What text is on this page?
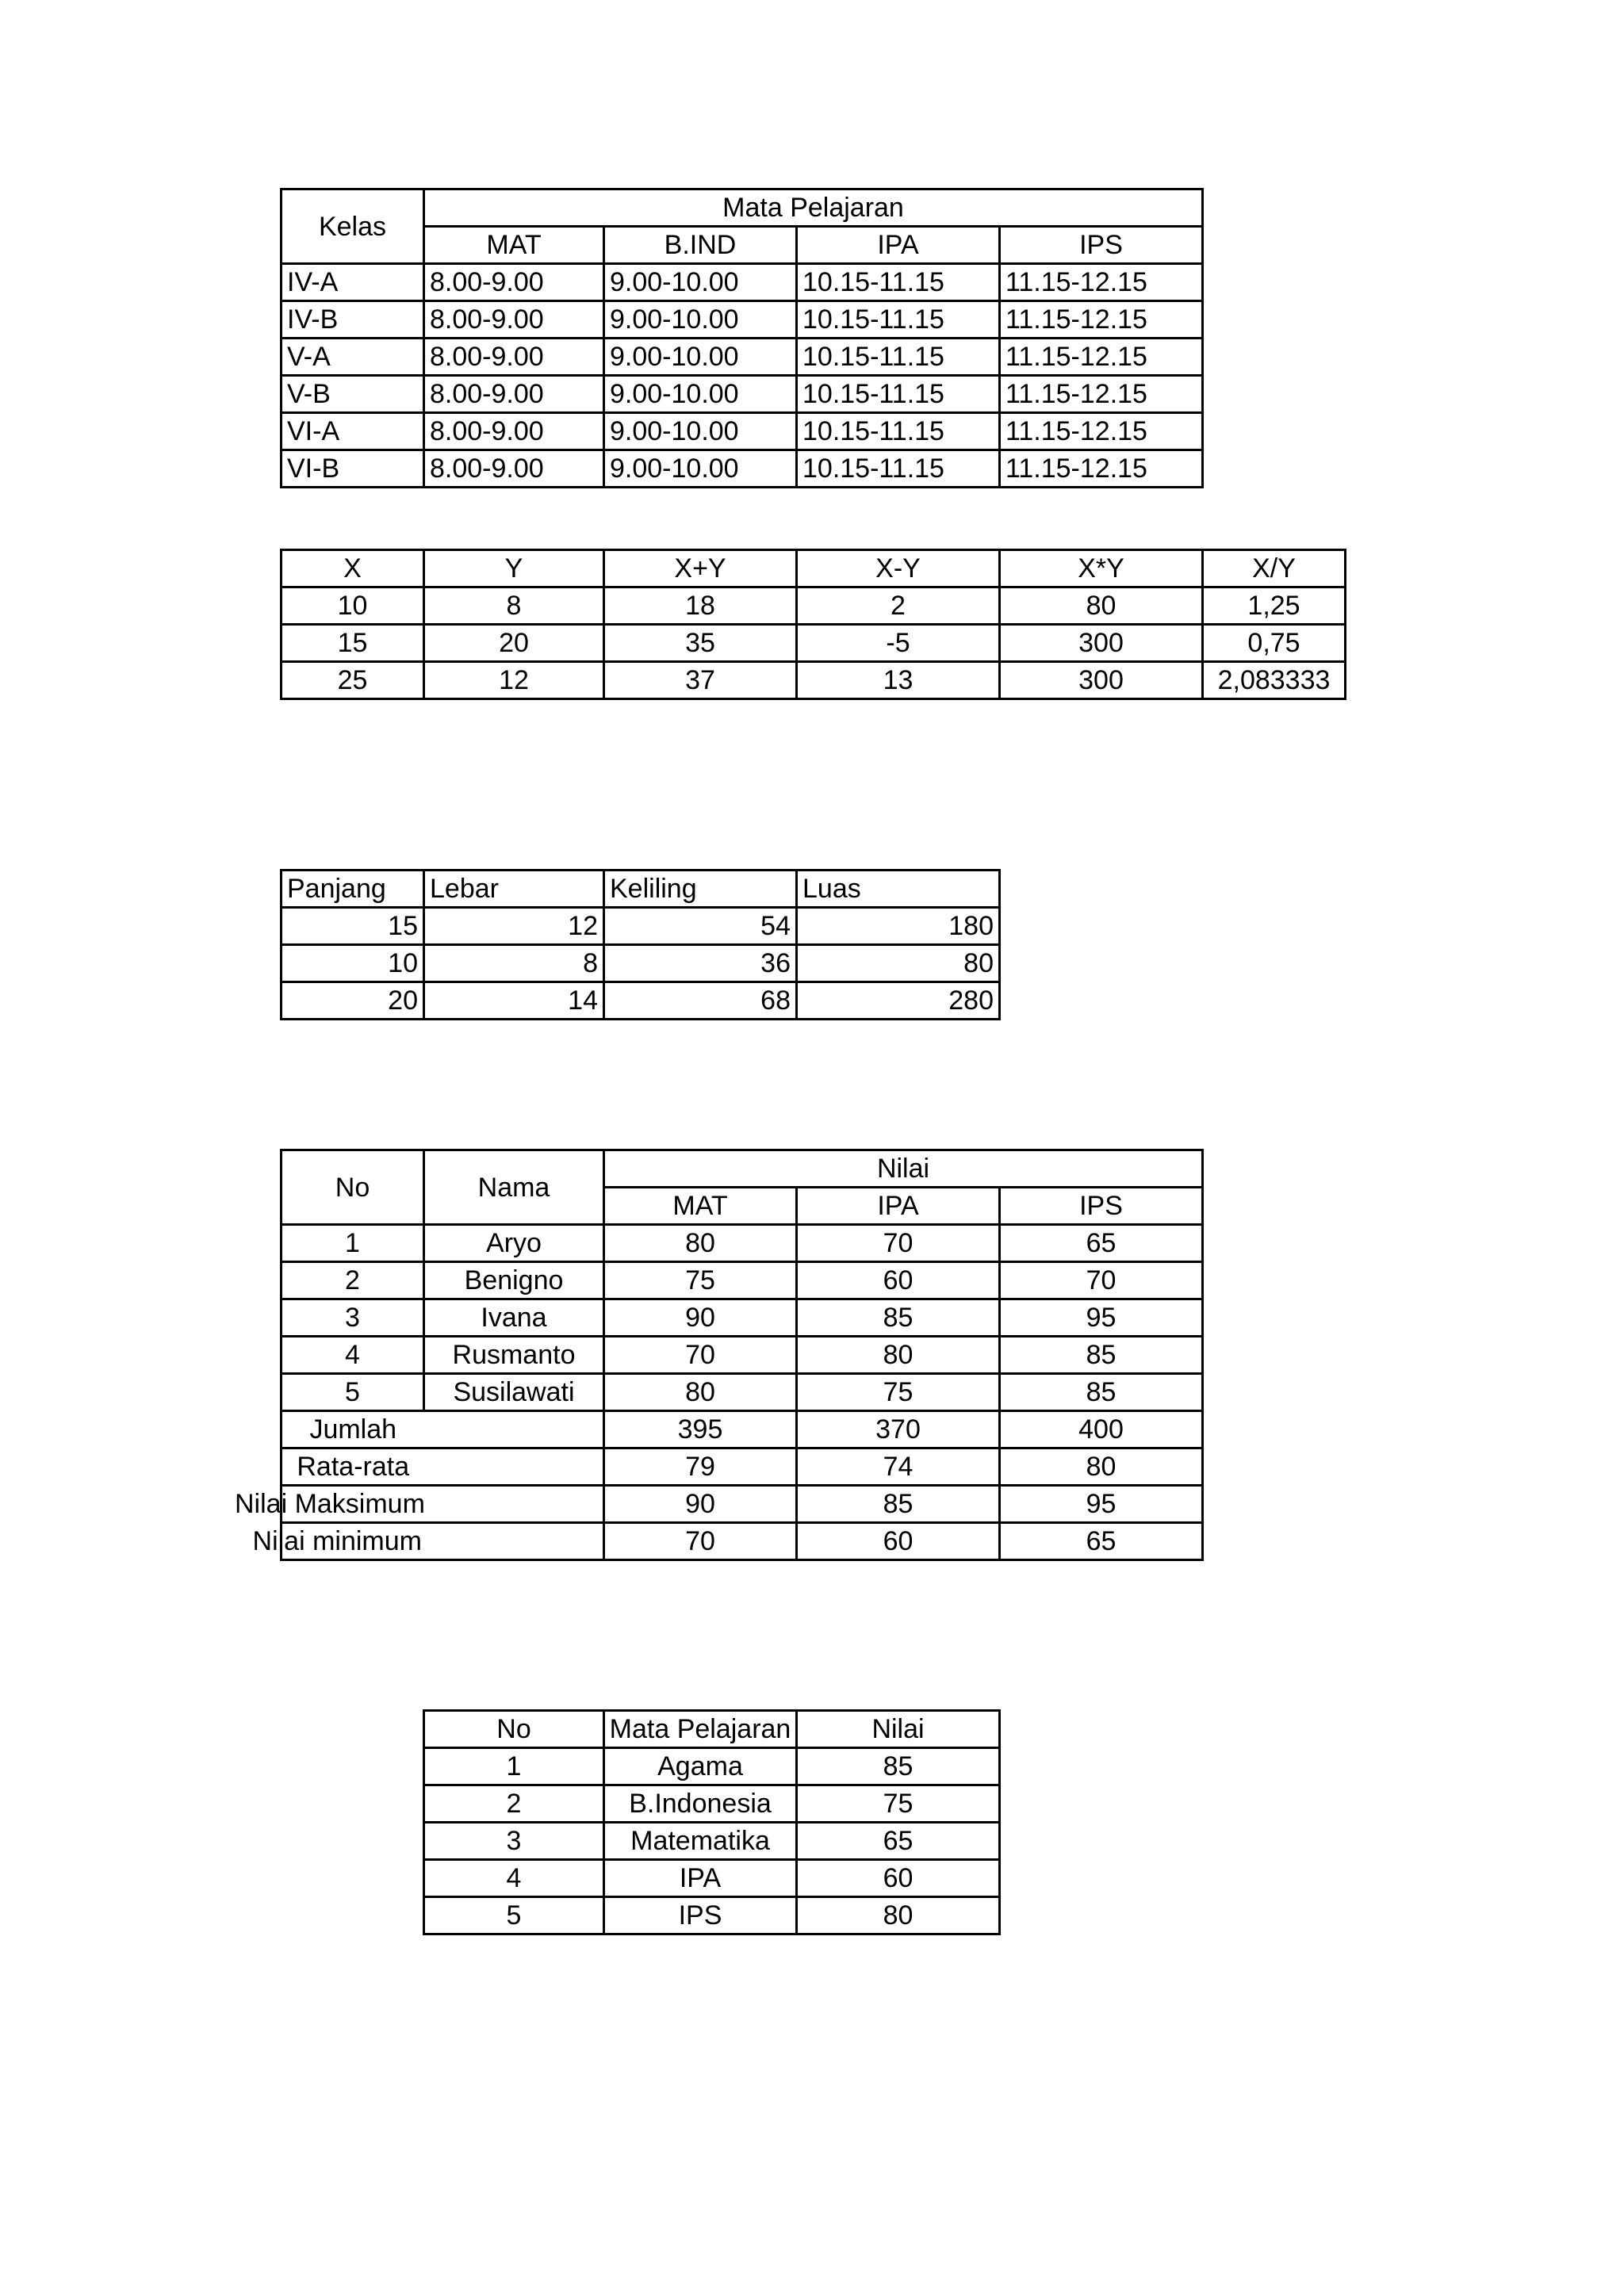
Kelas	Mata Pelajaran			
	MAT	B.IND	IPA	IPS
IV-A	8.00-9.00	9.00-10.00	10.15-11.15	11.15-12.15
IV-B	8.00-9.00	9.00-10.00	10.15-11.15	11.15-12.15
V-A	8.00-9.00	9.00-10.00	10.15-11.15	11.15-12.15
V-B	8.00-9.00	9.00-10.00	10.15-11.15	11.15-12.15
VI-A	8.00-9.00	9.00-10.00	10.15-11.15	11.15-12.15
VI-B	8.00-9.00	9.00-10.00	10.15-11.15	11.15-12.15
X	Y	X+Y	X-Y	X*Y	X/Y
10	8	18	2	80	1,25
15	20	35	-5	300	0,75
25	12	37	13	300	2,083333
Panjang	Lebar	Keliling	Luas
15	12	54	180
10	8	36	80
20	14	68	280
No	Nama	Nilai		
		MAT	IPA	IPS
1	Aryo	80	70	65
2	Benigno	75	60	70
3	Ivana	90	85	95
4	Rusmanto	70	80	85
5	Susilawati	80	75	85
Jumlah		395	370	400
Rata-rata		79	74	80
Nilai Maksimum		90	85	95
Nilai minimum		70	60	65
No	Mata Pelajaran	Nilai
1	Agama	85
2	B.Indonesia	75
3	Matematika	65
4	IPA	60
5	IPS	80
